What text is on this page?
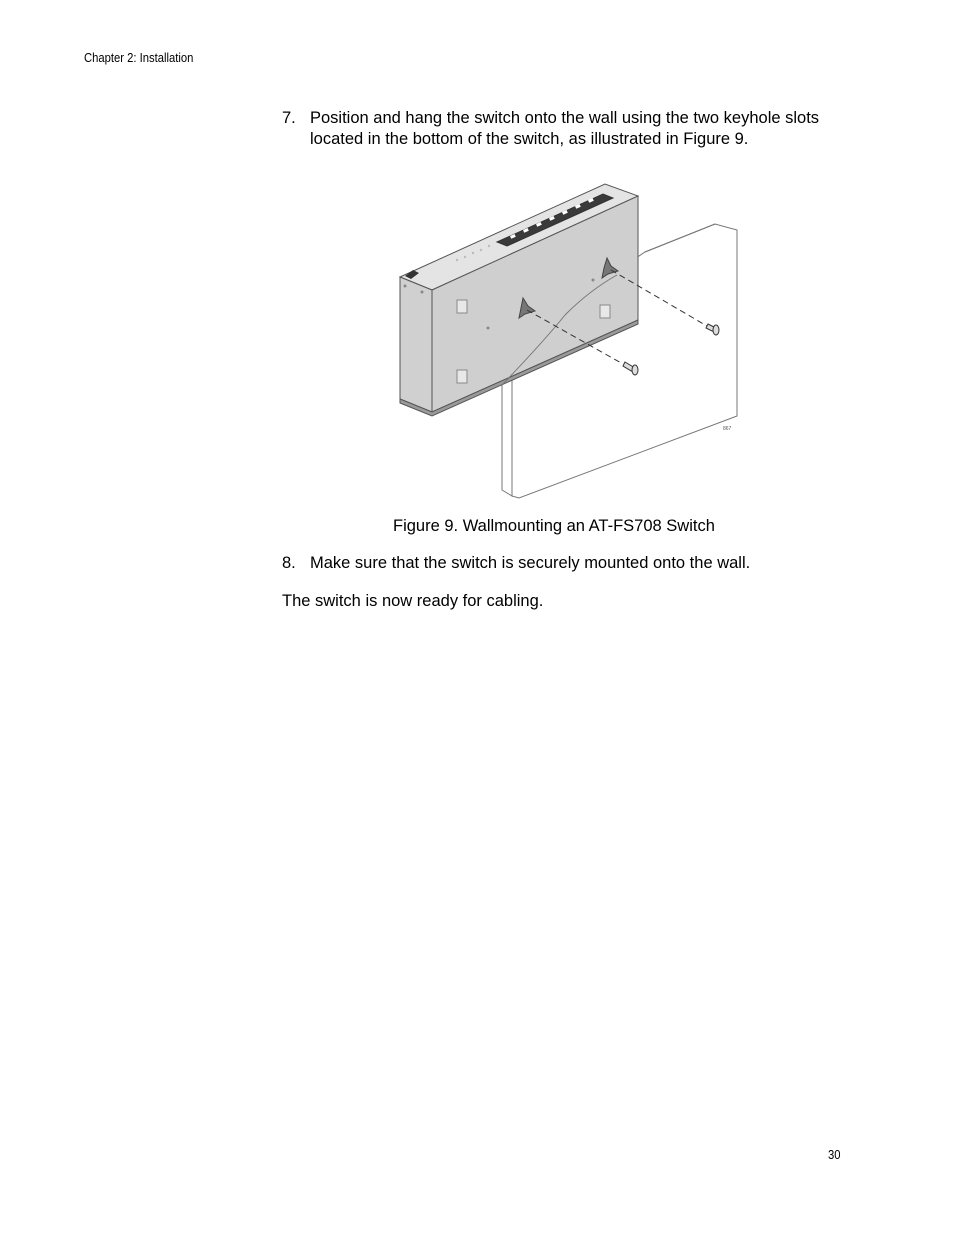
Chapter 2: Installation
7. Position and hang the switch onto the wall using the two keyhole slots located in the bottom of the switch, as illustrated in Figure 9.
867
Figure 9. Wallmounting an AT-FS708 Switch
8. Make sure that the switch is securely mounted onto the wall.
The switch is now ready for cabling.
30
